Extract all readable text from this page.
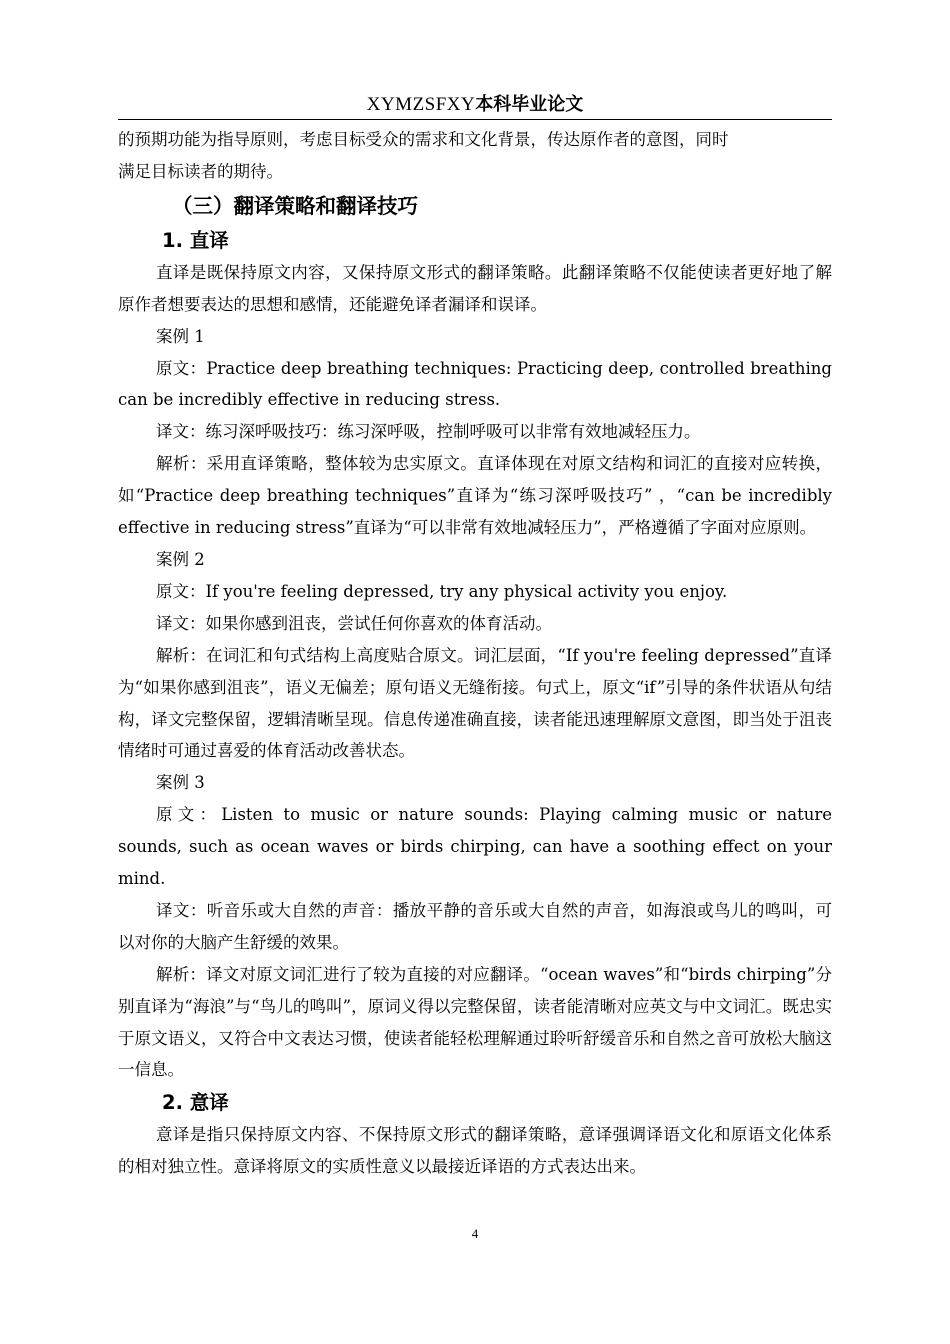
XYMZSFXY本科毕业论文

的预期功能为指导原则，考虑目标受众的需求和文化背景，传达原作者的意图，同时

满足目标读者的期待。

（三）翻译策略和翻译技巧
1. 直译

直译是既保持原文内容，又保持原文形式的翻译策略。此翻译策略不仅能使读者更好地了解原作者想要表达的思想和感情，还能避免译者漏译和误译。

案例 1

原文：Practice deep breathing techniques: Practicing deep, controlled breathing can be incredibly effective in reducing stress.

译文：练习深呼吸技巧：练习深呼吸，控制呼吸可以非常有效地减轻压力。

解析：采用直译策略，整体较为忠实原文。直译体现在对原文结构和词汇的直接对应转换，如“Practice deep breathing techniques”直译为“练习深呼吸技巧” ，“can be incredibly effective in reducing stress”直译为“可以非常有效地减轻压力”，严格遵循了字面对应原则。

案例 2

原文：If you're feeling depressed, try any physical activity you enjoy.

译文：如果你感到沮丧，尝试任何你喜欢的体育活动。

解析：在词汇和句式结构上高度贴合原文。词汇层面，“If you're feeling depressed”直译为“如果你感到沮丧”，语义无偏差；原句语义无缝衔接。句式上，原文“if”引导的条件状语从句结构，译文完整保留，逻辑清晰呈现。信息传递准确直接，读者能迅速理解原文意图，即当处于沮丧情绪时可通过喜爱的体育活动改善状态。

案例 3

原文：Listen to music or nature sounds: Playing calming music or nature sounds, such as ocean waves or birds chirping, can have a soothing effect on your mind.

译文：听音乐或大自然的声音：播放平静的音乐或大自然的声音，如海浪或鸟儿的鸣叫，可以对你的大脑产生舒缓的效果。

解析：译文对原文词汇进行了较为直接的对应翻译。“ocean waves”和“birds chirping”分别直译为“海浪”与“鸟儿的鸣叫”，原词义得以完整保留，读者能清晰对应英文与中文词汇。既忠实于原文语义，又符合中文表达习惯，使读者能轻松理解通过聆听舒缓音乐和自然之音可放松大脑这一信息。

2. 意译

意译是指只保持原文内容、不保持原文形式的翻译策略，意译强调译语文化和原语文化体系的相对独立性。意译将原文的实质性意义以最接近译语的方式表达出来。

4
